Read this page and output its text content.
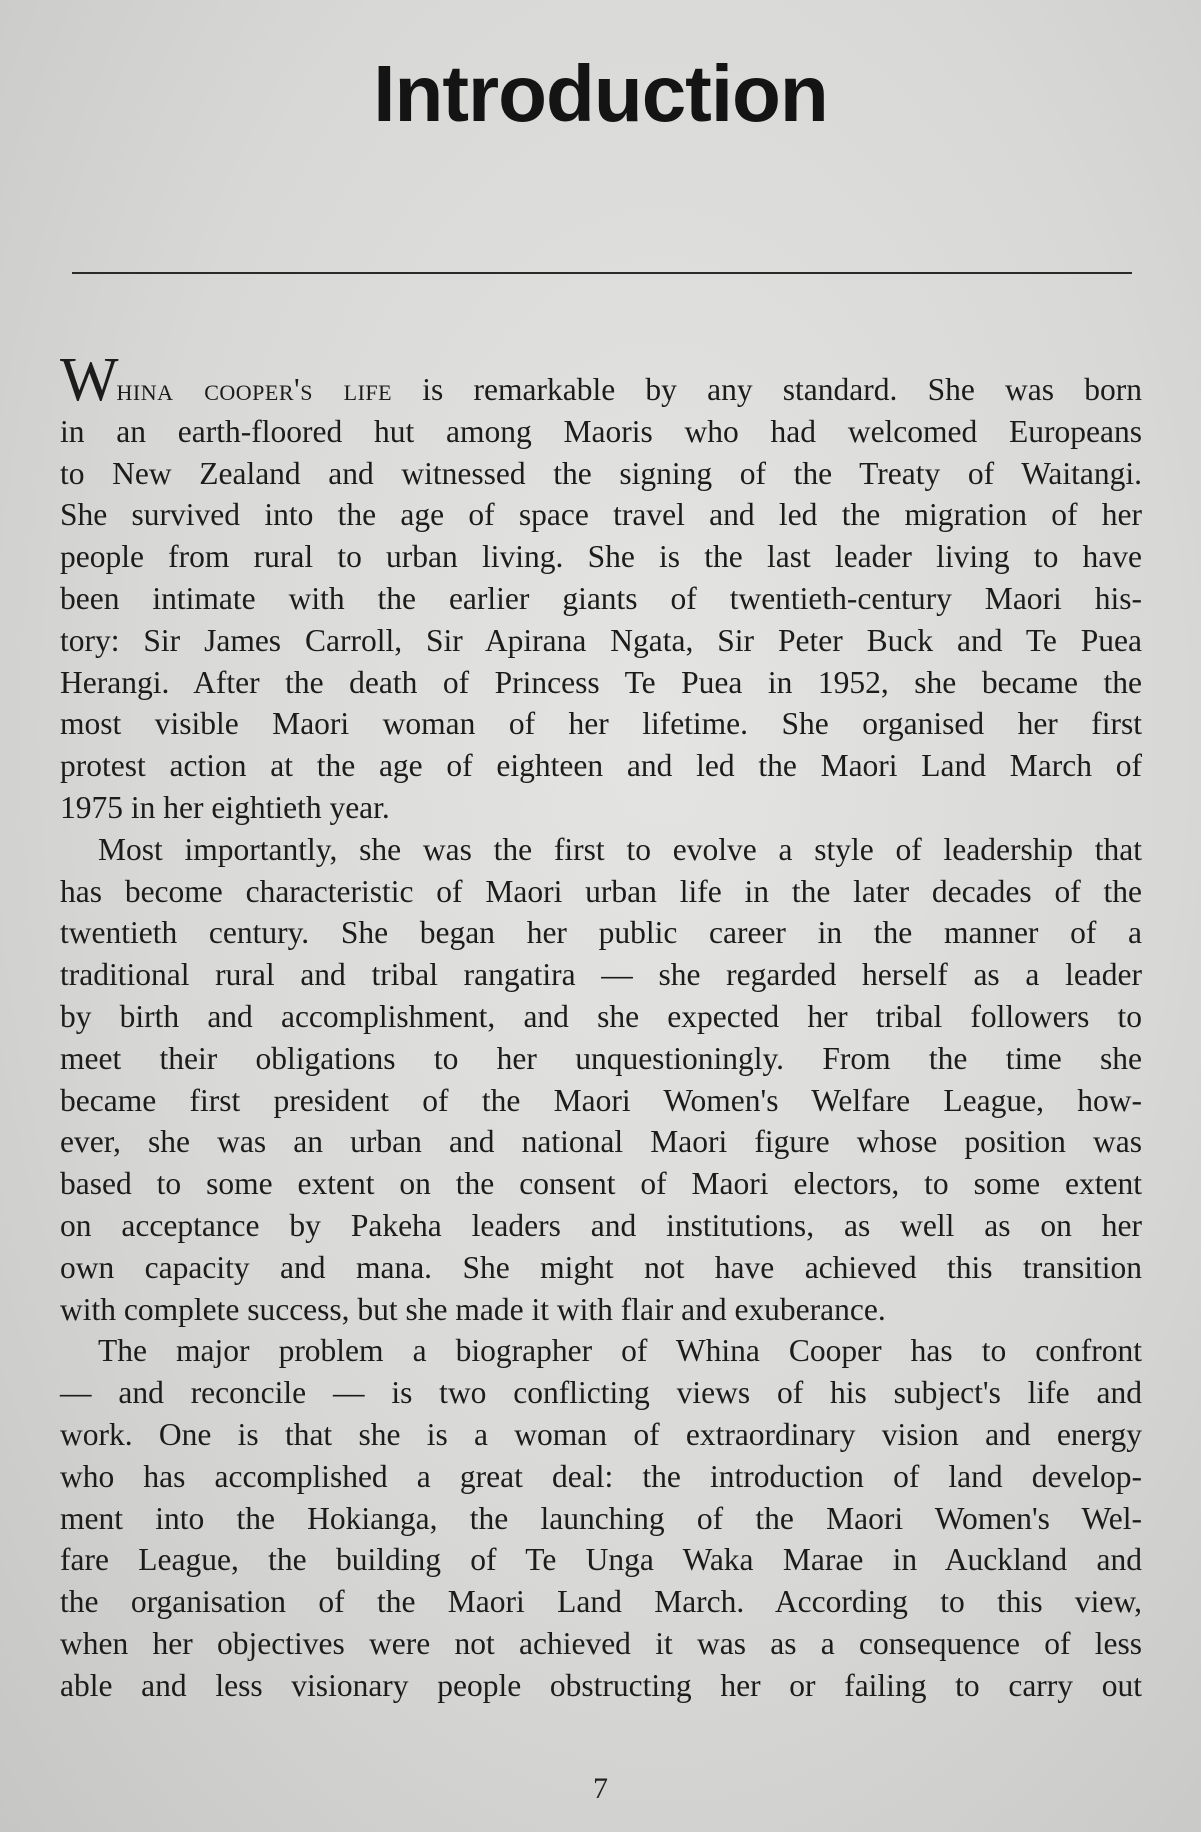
Introduction

Whina cooper's life is remarkable by any standard. She was born
in an earth-floored hut among Maoris who had welcomed Europeans
to New Zealand and witnessed the signing of the Treaty of Waitangi.
She survived into the age of space travel and led the migration of her
people from rural to urban living. She is the last leader living to have
been intimate with the earlier giants of twentieth-century Maori his-
tory: Sir James Carroll, Sir Apirana Ngata, Sir Peter Buck and Te Puea
Herangi. After the death of Princess Te Puea in 1952, she became the
most visible Maori woman of her lifetime. She organised her first
protest action at the age of eighteen and led the Maori Land March of
1975 in her eightieth year.

Most importantly, she was the first to evolve a style of leadership that
has become characteristic of Maori urban life in the later decades of the
twentieth century. She began her public career in the manner of a
traditional rural and tribal rangatira — she regarded herself as a leader
by birth and accomplishment, and she expected her tribal followers to
meet their obligations to her unquestioningly. From the time she
became first president of the Maori Women's Welfare League, how-
ever, she was an urban and national Maori figure whose position was
based to some extent on the consent of Maori electors, to some extent
on acceptance by Pakeha leaders and institutions, as well as on her
own capacity and mana. She might not have achieved this transition
with complete success, but she made it with flair and exuberance.

The major problem a biographer of Whina Cooper has to confront
— and reconcile — is two conflicting views of his subject's life and
work. One is that she is a woman of extraordinary vision and energy
who has accomplished a great deal: the introduction of land develop-
ment into the Hokianga, the launching of the Maori Women's Wel-
fare League, the building of Te Unga Waka Marae in Auckland and
the organisation of the Maori Land March. According to this view,
when her objectives were not achieved it was as a consequence of less
able and less visionary people obstructing her or failing to carry out

7
